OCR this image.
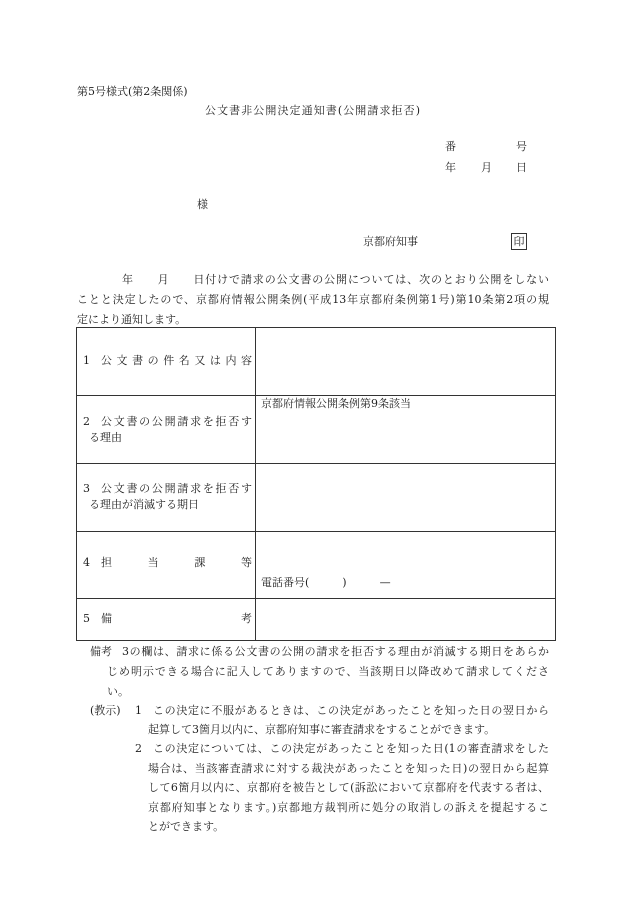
第5号様式(第2条関係)
公文書非公開決定通知書(公開請求拒否)
番	号
年 月 日
様
京都府知事	印
年　　月　　日付けで請求の公文書の公開については、次のとおり公開をしない
ことと決定したので、京都府情報公開条例(平成13年京都府条例第1号)第10条第2項の規
定により通知します。
1 公文書の件名又は内容
2 公文書の公開請求を拒否す
る理由
京都府情報公開条例第9条該当
3 公文書の公開請求を拒否す
る理由が消滅する期日
4 担当課等
電話番号(　　　)　　　—
5 備考
備考 3の欄は、請求に係る公文書の公開の請求を拒否する理由が消滅する期日をあらか
じめ明示できる場合に記入してありますので、当該期日以降改めて請求してくださ
い。
(教示) 1 この決定に不服があるときは、この決定があったことを知った日の翌日から
起算して3箇月以内に、京都府知事に審査請求をすることができます。
2 この決定については、この決定があったことを知った日(1の審査請求をした
場合は、当該審査請求に対する裁決があったことを知った日)の翌日から起算
して6箇月以内に、京都府を被告として(訴訟において京都府を代表する者は、
京都府知事となります。)京都地方裁判所に処分の取消しの訴えを提起するこ
とができます。
